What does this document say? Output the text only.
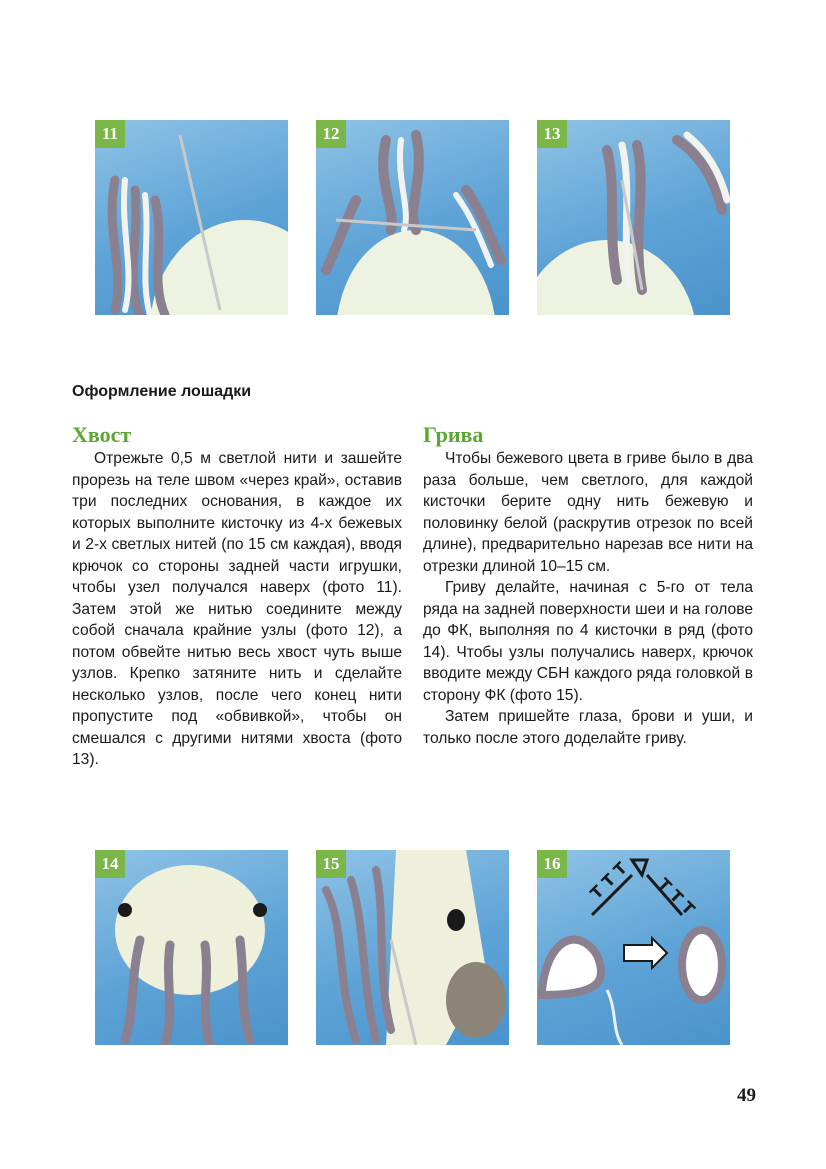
11	12	13
Оформление лошадки
Хвост

Отрежьте 0,5 м светлой нити и зашейте прорезь на теле швом «через край», оставив три последних основания, в каждое их которых выполните кисточку из 4-х бежевых и 2-х светлых нитей (по 15 см каждая), вводя крючок со стороны задней части игрушки, чтобы узел получался наверх (фото 11). Затем этой же нитью соедините между собой сначала крайние узлы (фото 12), а потом обвейте нитью весь хвост чуть выше узлов. Крепко затяните нить и сделайте несколько узлов, после чего конец нити пропустите под «обвивкой», чтобы он смешался с другими нитями хвоста (фото 13).

Грива

Чтобы бежевого цвета в гриве было в два раза больше, чем светлого, для каждой кисточки берите одну нить бежевую и половинку белой (раскрутив отрезок по всей длине), предварительно нарезав все нити на отрезки длиной 10–15 см.

Гриву делайте, начиная с 5-го от тела ряда на задней поверхности шеи и на голове до ФК, выполняя по 4 кисточки в ряд (фото 14). Чтобы узлы получались наверх, крючок вводите между СБН каждого ряда головкой в сторону ФК (фото 15).

Затем пришейте глаза, брови и уши, и только после этого доделайте гриву.

14	15	T T T T T T
16
49
